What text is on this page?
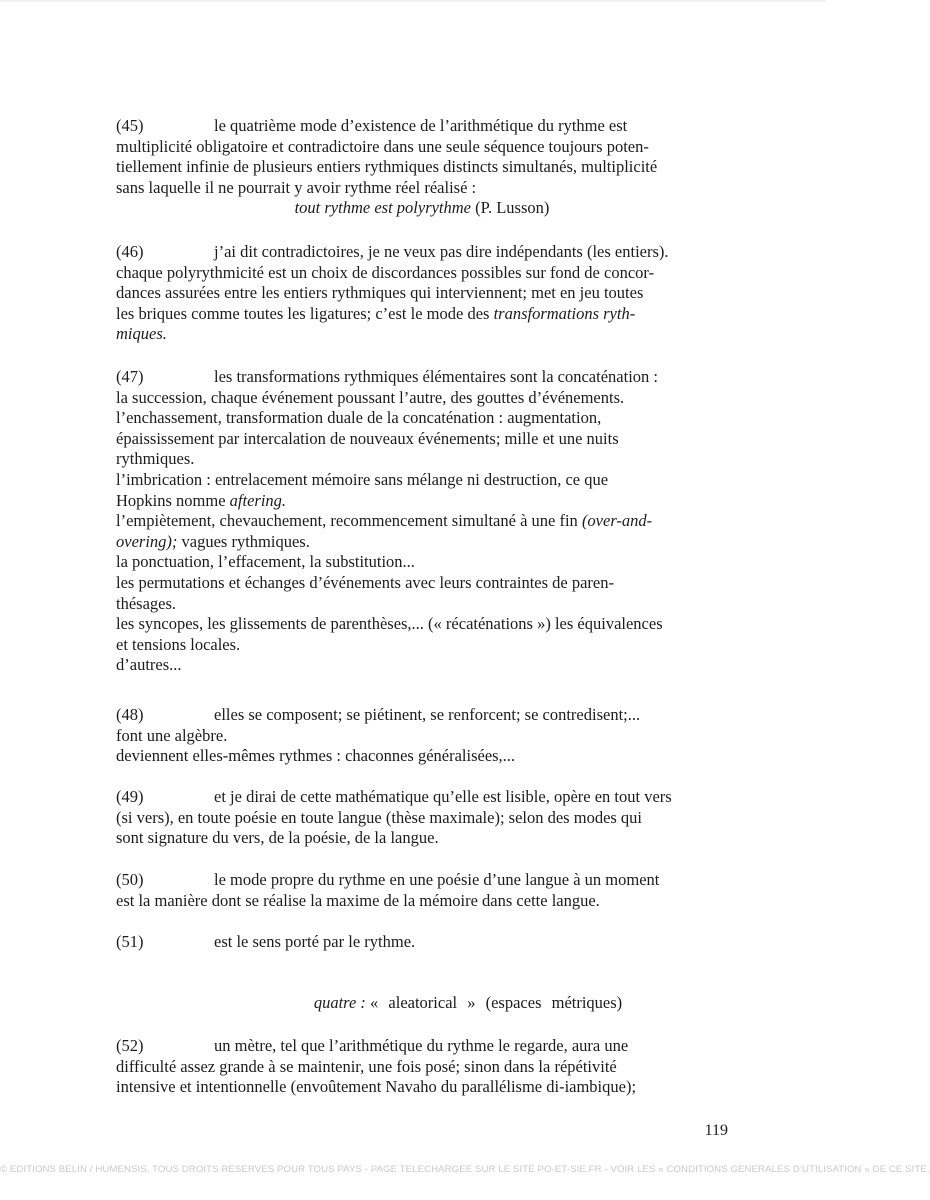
(45)	le quatrième mode d’existence de l’arithmétique du rythme est

multiplicité obligatoire et contradictoire dans une seule séquence toujours poten-

tiellement infinie de plusieurs entiers rythmiques distincts simultanés, multiplicité

sans laquelle il ne pourrait y avoir rythme réel réalisé :

tout rythme est polyrythme (P. Lusson)

(46)	j’ai dit contradictoires, je ne veux pas dire indépendants (les entiers).

chaque polyrythmicité est un choix de discordances possibles sur fond de concor-

dances assurées entre les entiers rythmiques qui interviennent; met en jeu toutes

les briques comme toutes les ligatures; c’est le mode des transformations ryth-

miques.

(47)	les transformations rythmiques élémentaires sont la concaténation :

la succession, chaque événement poussant l’autre, des gouttes d’événements.

l’enchassement, transformation duale de la concaténation : augmentation,

épaississement par intercalation de nouveaux événements; mille et une nuits

rythmiques.

l’imbrication : entrelacement mémoire sans mélange ni destruction, ce que

Hopkins nomme aftering.

l’empiètement, chevauchement, recommencement simultané à une fin (over-and-

overing); vagues rythmiques.

la ponctuation, l’effacement, la substitution...

les permutations et échanges d’événements avec leurs contraintes de paren-

thésages.

les syncopes, les glissements de parenthèses,... (« récaténations ») les équivalences

et tensions locales.

d’autres...

(48)	elles se composent; se piétinent, se renforcent; se contredisent;...

font une algèbre.

deviennent elles-mêmes rythmes : chaconnes généralisées,...

(49)	et je dirai de cette mathématique qu’elle est lisible, opère en tout vers

(si vers), en toute poésie en toute langue (thèse maximale); selon des modes qui

sont signature du vers, de la poésie, de la langue.

(50)	le mode propre du rythme en une poésie d’une langue à un moment

est la manière dont se réalise la maxime de la mémoire dans cette langue.

(51)	est le sens porté par le rythme.

quatre : « aleatorical » (espaces métriques)

(52)	un mètre, tel que l’arithmétique du rythme le regarde, aura une

difficulté assez grande à se maintenir, une fois posé; sinon dans la répétivité

intensive et intentionnelle (envoûtement Navaho du parallélisme di-iambique);

119
© EDITIONS BELIN / HUMENSIS. TOUS DROITS RESERVES POUR TOUS PAYS - PAGE TELECHARGEE SUR LE SITE PO-ET-SIE.FR - VOIR LES « CONDITIONS GENERALES D’UTILISATION » DE CE SITE.
